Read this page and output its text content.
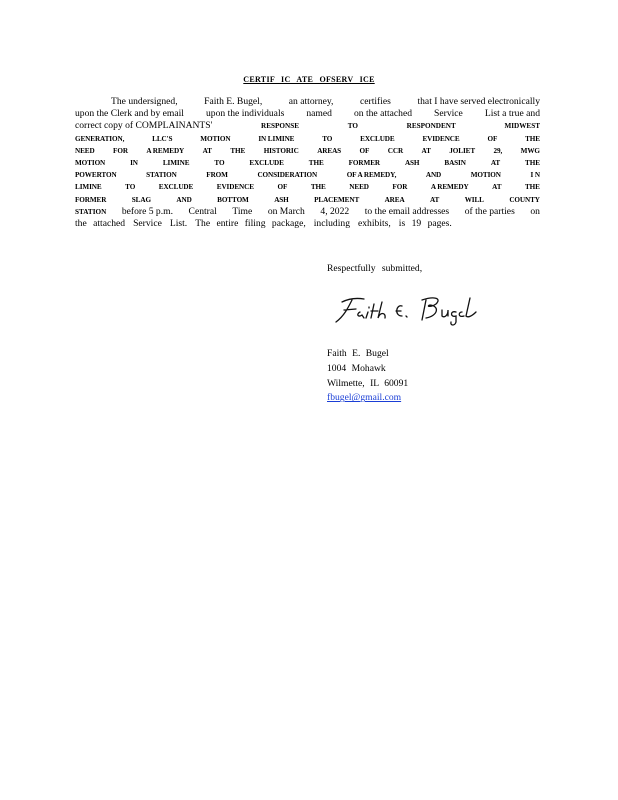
CERTIF IC ATE OFSERV ICE
The undersigned,	Faith E. Bugel,	an attorney,	certifies	that I have served electronically
upon the Clerk and by email upon the individuals named on the attached Service List a true and
correct copy of COMPLAINANTS'	RESPONSE	TO	RESPONDENT	MIDWEST
GENERATION,	LLC'S	MOTION	IN LIMINE	TO	EXCLUDE	EVIDENCE	OF	THE
NEED	FOR	A REMEDY	AT	THE	HISTORIC	AREAS	OF	CCR	AT	JOLIET	29,	MWG
MOTION	IN	LIMINE	TO	EXCLUDE	THE	FORMER	ASH	BASIN	AT	THE
POWERTON	STATION	FROM	CONSIDERATION	OF A REMEDY,	AND	MOTION	I N
LIMINE	TO	EXCLUDE	EVIDENCE	OF	THE	NEED	FOR	A REMEDY	AT	THE
FORMER	SLAG	AND	BOTTOM	ASH	PLACEMENT	AREA	AT	WILL	COUNTY
STATION before 5 p.m. Central Time on March 4, 2022 to the email addresses of the parties on
the attached Service List. The entire filing package, including exhibits, is 19 pages.
Respectfully submitted,
Faith E. Bugel
1004 Mohawk
Wilmette, IL 60091
fbugel@gmail.com
